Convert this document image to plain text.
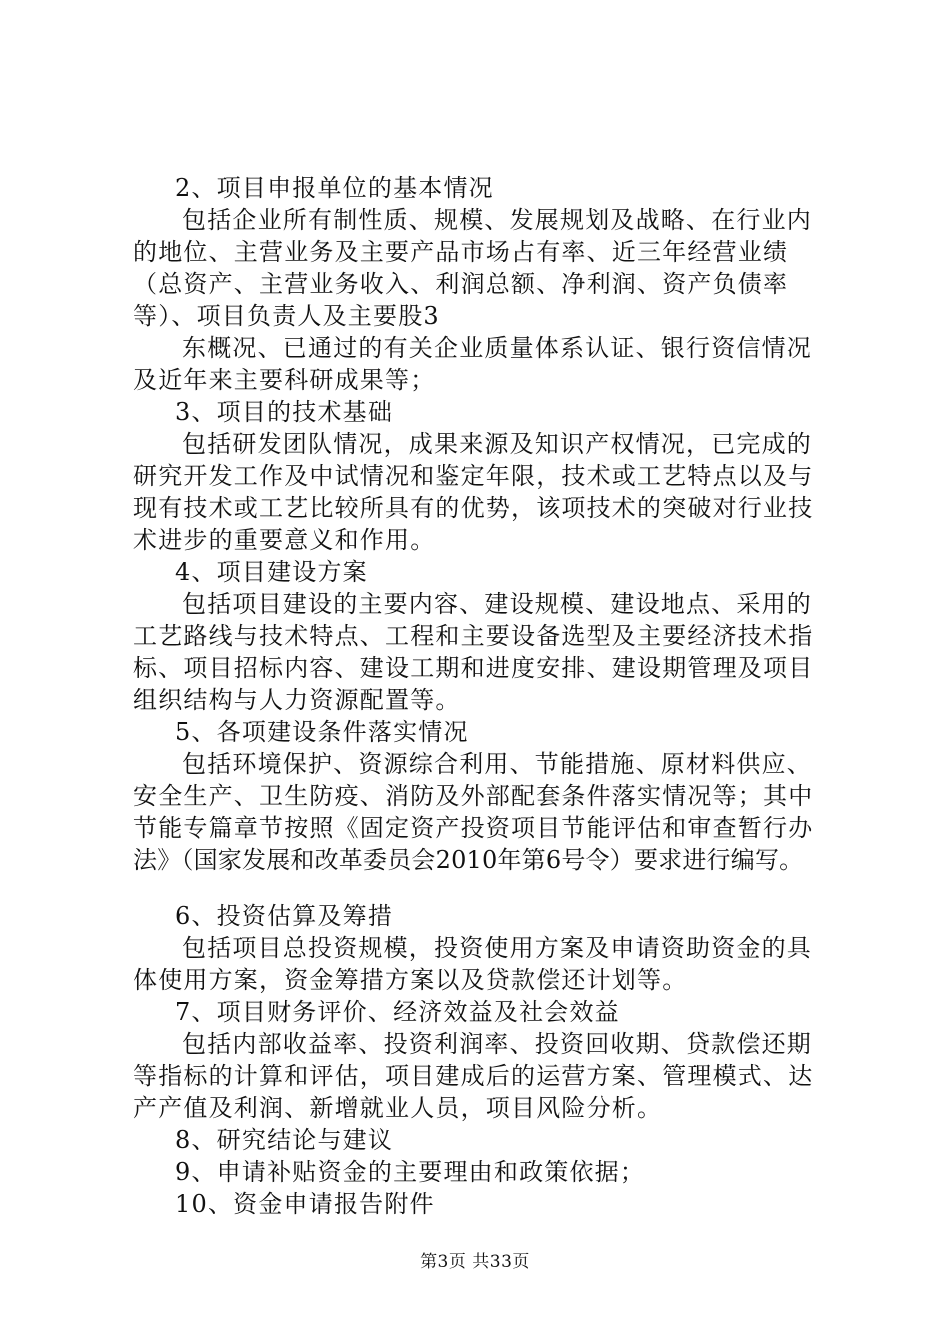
2、项目申报单位的基本情况
包括企业所有制性质、规模、发展规划及战略、在行业内
的地位、主营业务及主要产品市场占有率、近三年经营业绩
（总资产、主营业务收入、利润总额、净利润、资产负债率
等）、项目负责人及主要股3
东概况、已通过的有关企业质量体系认证、银行资信情况
及近年来主要科研成果等；
3、项目的技术基础
包括研发团队情况，成果来源及知识产权情况，已完成的
研究开发工作及中试情况和鉴定年限，技术或工艺特点以及与
现有技术或工艺比较所具有的优势，该项技术的突破对行业技
术进步的重要意义和作用。
4、项目建设方案
包括项目建设的主要内容、建设规模、建设地点、采用的
工艺路线与技术特点、工程和主要设备选型及主要经济技术指
标、项目招标内容、建设工期和进度安排、建设期管理及项目
组织结构与人力资源配置等。
5、各项建设条件落实情况
包括环境保护、资源综合利用、节能措施、原材料供应、
安全生产、卫生防疫、消防及外部配套条件落实情况等；其中
节能专篇章节按照《固定资产投资项目节能评估和审查暂行办
法》（国家发展和改革委员会2010年第6号令）要求进行编写。
6、投资估算及筹措
包括项目总投资规模，投资使用方案及申请资助资金的具
体使用方案，资金筹措方案以及贷款偿还计划等。
7、项目财务评价、经济效益及社会效益
包括内部收益率、投资利润率、投资回收期、贷款偿还期
等指标的计算和评估，项目建成后的运营方案、管理模式、达
产产值及利润、新增就业人员，项目风险分析。
8、研究结论与建议
9、申请补贴资金的主要理由和政策依据；
10、资金申请报告附件
第3页 共33页
